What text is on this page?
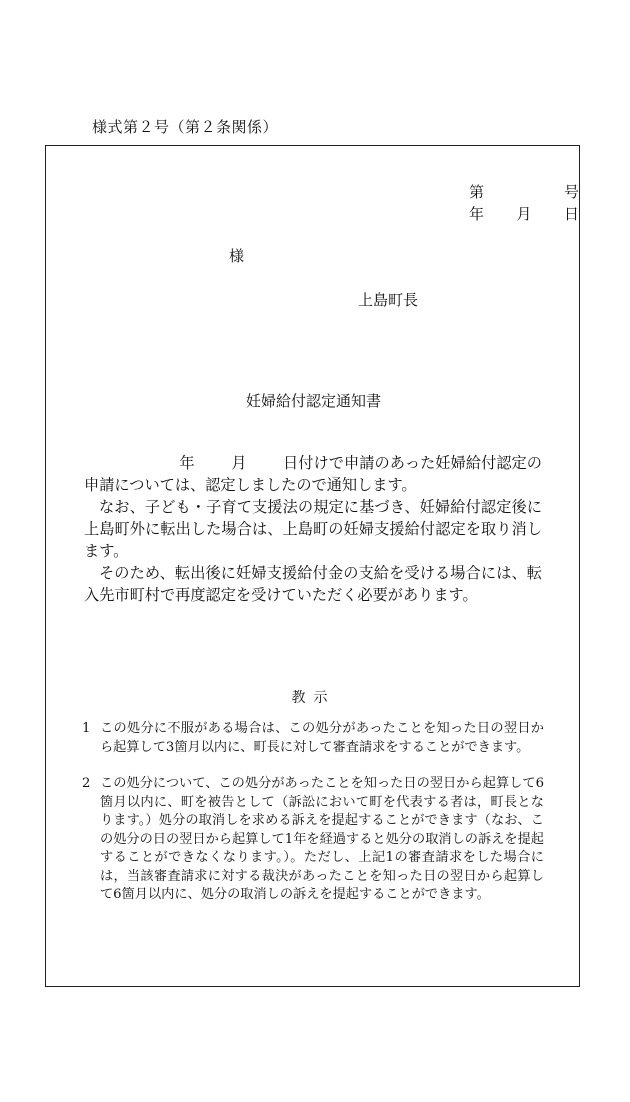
様式第２号（第２条関係）
第	号
年 月 日
様
上島町長
妊婦給付認定通知書

年 月 日付けで申請のあった妊婦給付認定の申請については、認定しましたので通知します。

なお、子ども・子育て支援法の規定に基づき、妊婦給付認定後に上島町外に転出した場合は、上島町の妊婦支援給付認定を取り消します。

そのため、転出後に妊婦支援給付金の支給を受ける場合には、転入先市町村で再度認定を受けていただく必要があります。

教示
1 この処分に不服がある場合は、この処分があったことを知った日の翌日から起算して3箇月以内に、町長に対して審査請求をすることができます。
2 この処分について、この処分があったことを知った日の翌日から起算して6箇月以内に、町を被告として（訴訟において町を代表する者は，町長となります。）処分の取消しを求める訴えを提起することができます（なお、この処分の日の翌日から起算して1年を経過すると処分の取消しの訴えを提起することができなくなります。）。ただし、上記1の審査請求をした場合には，当該審査請求に対する裁決があったことを知った日の翌日から起算して6箇月以内に、処分の取消しの訴えを提起することができます。
